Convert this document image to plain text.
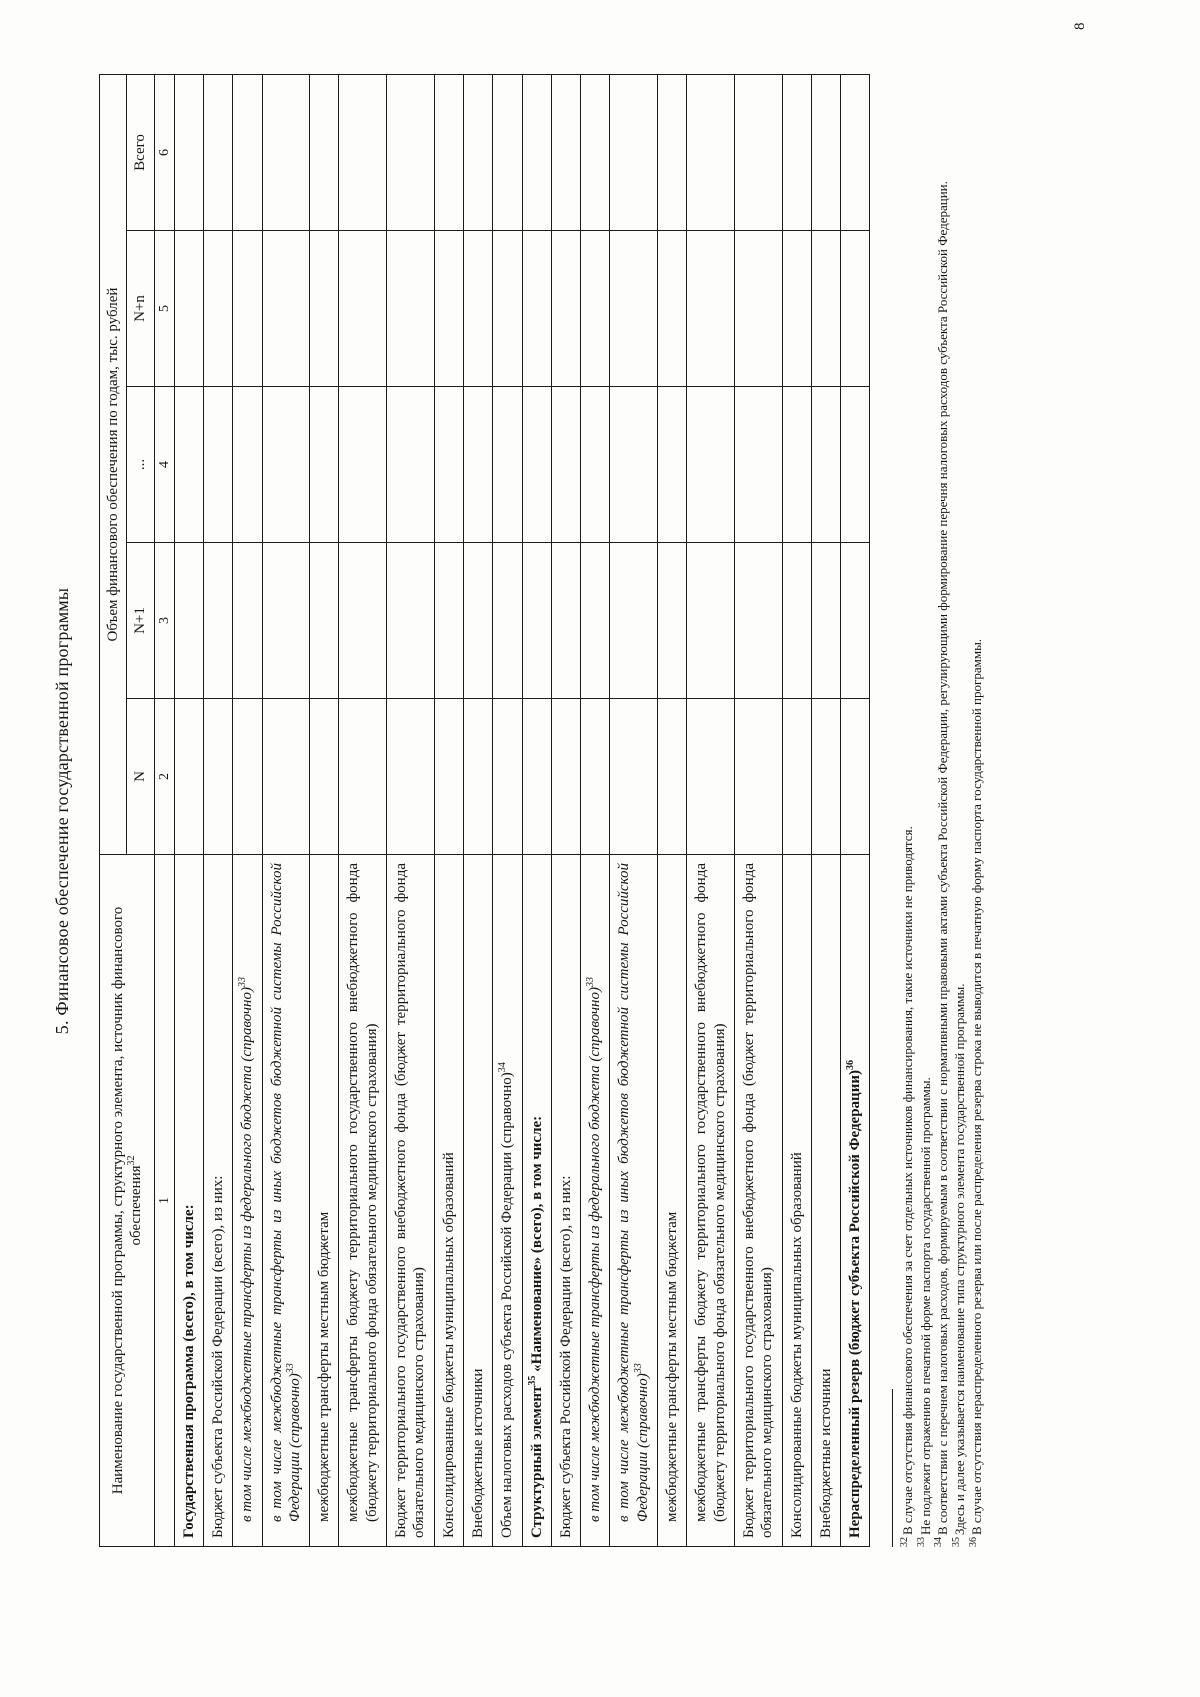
5. Финансовое обеспечение государственной программы
Наименование государственной программы, структурного элемента, источник финансового обеспечения$^{32}$	Объем финансового обеспечения по годам, тыс. рублей				
	N	N+1	...	N+n	Всего
1	2	3	4	5	6
Государственная программа (всего), в том числе:					
Бюджет субъекта Российской Федерации (всего), из них:					
в том числе межбюджетные трансферты из федерального бюджета (справочно)$^{33}$					
в том числе межбюджетные трансферты из иных бюджетов бюджетной системы Российской Федерации (справочно)$^{33}$					
межбюджетные трансферты местным бюджетам					
межбюджетные трансферты бюджету территориального государственного внебюджетного фонда (бюджету территориального фонда обязательного медицинского страхования)					
Бюджет территориального государственного внебюджетного фонда (бюджет территориального фонда обязательного медицинского страхования)					
Консолидированные бюджеты муниципальных образований					
Внебюджетные источники					
Объем налоговых расходов субъекта Российской Федерации (справочно)$^{34}$					
Структурный элемент$^{35}$ «Наименование» (всего), в том числе:					
Бюджет субъекта Российской Федерации (всего), из них:					
в том числе межбюджетные трансферты из федерального бюджета (справочно)$^{33}$					
в том числе межбюджетные трансферты из иных бюджетов бюджетной системы Российской Федерации (справочно)$^{33}$					
межбюджетные трансферты местным бюджетам					
межбюджетные трансферты бюджету территориального государственного внебюджетного фонда (бюджету территориального фонда обязательного медицинского страхования)					
Бюджет территориального государственного внебюджетного фонда (бюджет территориального фонда обязательного медицинского страхования)					
Консолидированные бюджеты муниципальных образований					
Внебюджетные источники					
Нераспределенный резерв (бюджет субъекта Российской Федерации)$^{36}$					

$^{32}$В случае отсутствия финансового обеспечения за счет отдельных источников финансирования, такие источники не приводятся.

$^{33}$Не подлежит отражению в печатной форме паспорта государственной программы.

$^{34}$В соответствии с перечнем налоговых расходов, формируемым в соответствии с нормативными правовыми актами субъекта Российской Федерации, регулирующими формирование перечня налоговых расходов субъекта Российской Федерации.

$^{35}$Здесь и далее указывается наименование типа структурного элемента государственной программы.

$^{36}$В случае отсутствия нераспределенного резерва или после распределения резерва строка не выводится в печатную форму паспорта государственной программы.

8
